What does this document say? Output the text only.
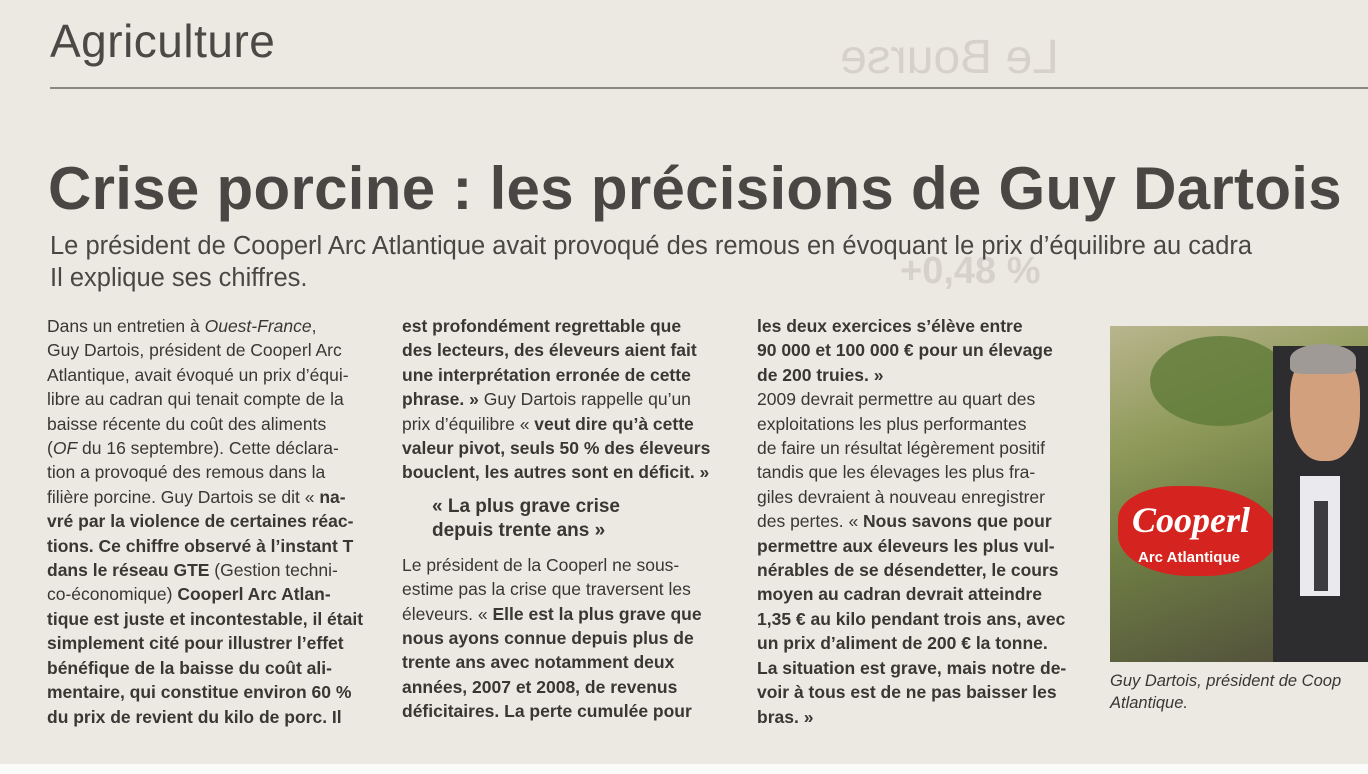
Le Bourse
+0,48 %
Agriculture
Crise porcine : les précisions de Guy Dartois
Le président de Cooperl Arc Atlantique avait provoqué des remous en évoquant le prix d’équilibre au cadra
Il explique ses chiffres.
Dans un entretien à Ouest-France,
Guy Dartois, président de Cooperl Arc
Atlantique, avait évoqué un prix d’équi-
libre au cadran qui tenait compte de la
baisse récente du coût des aliments
(OF du 16 septembre). Cette déclara-
tion a provoqué des remous dans la
filière porcine. Guy Dartois se dit « na-
vré par la violence de certaines réac-
tions. Ce chiffre observé à l’instant T
dans le réseau GTE (Gestion techni-
co-économique) Cooperl Arc Atlan-
tique est juste et incontestable, il était
simplement cité pour illustrer l’effet
bénéfique de la baisse du coût ali-
mentaire, qui constitue environ 60 %
du prix de revient du kilo de porc. Il
est profondément regrettable que
des lecteurs, des éleveurs aient fait
une interprétation erronée de cette
phrase. » Guy Dartois rappelle qu’un
prix d’équilibre « veut dire qu’à cette
valeur pivot, seuls 50 % des éleveurs
bouclent, les autres sont en déficit. »
« La plus grave crise
depuis trente ans »
Le président de la Cooperl ne sous-
estime pas la crise que traversent les
éleveurs. « Elle est la plus grave que
nous ayons connue depuis plus de
trente ans avec notamment deux
années, 2007 et 2008, de revenus
déficitaires. La perte cumulée pour
les deux exercices s’élève entre
90 000 et 100 000 € pour un élevage
de 200 truies. »
2009 devrait permettre au quart des
exploitations les plus performantes
de faire un résultat légèrement positif
tandis que les élevages les plus fra-
giles devraient à nouveau enregistrer
des pertes. « Nous savons que pour
permettre aux éleveurs les plus vul-
nérables de se désendetter, le cours
moyen au cadran devrait atteindre
1,35 € au kilo pendant trois ans, avec
un prix d’aliment de 200 € la tonne.
La situation est grave, mais notre de-
voir à tous est de ne pas baisser les
bras. »
Cooperl
Arc Atlantique
Guy Dartois, président de Coop
Atlantique.
